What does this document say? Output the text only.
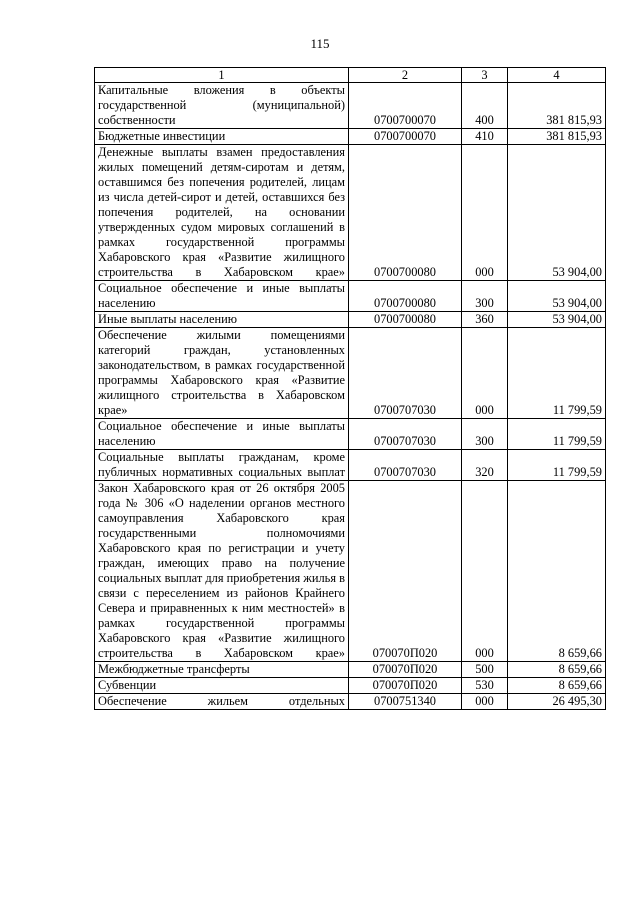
115
1	2	3	4
Капитальные вложения в объекты государственной (муниципальной) собственности	0700700070	400	381 815,93
Бюджетные инвестиции	0700700070	410	381 815,93
Денежные выплаты взамен предоставления жилых помещений детям-сиротам и детям, оставшимся без попечения родителей, лицам из числа детей-сирот и детей, оставшихся без попечения родителей, на основании утвержденных судом мировых соглашений в рамках государственной программы Хабаровского края «Развитие жилищного строительства в Хабаровском крае»	0700700080	000	53 904,00
Социальное обеспечение и иные выплаты населению	0700700080	300	53 904,00
Иные выплаты населению	0700700080	360	53 904,00
Обеспечение жилыми помещениями категорий граждан, установленных законодательством, в рамках государственной программы Хабаровского края «Развитие жилищного строительства в Хабаровском крае»	0700707030	000	11 799,59
Социальное обеспечение и иные выплаты населению	0700707030	300	11 799,59
Социальные выплаты гражданам, кроме публичных нормативных социальных выплат	0700707030	320	11 799,59
Закон Хабаровского края от 26 октября 2005 года № 306 «О наделении органов местного самоуправления Хабаровского края государственными полномочиями Хабаровского края по регистрации и учету граждан, имеющих право на получение социальных выплат для приобретения жилья в связи с переселением из районов Крайнего Севера и приравненных к ним местностей» в рамках государственной программы Хабаровского края «Развитие жилищного строительства в Хабаровском крае»	070070П020	000	8 659,66
Межбюджетные трансферты	070070П020	500	8 659,66
Субвенции	070070П020	530	8 659,66
Обеспечение жильем отдельных	0700751340	000	26 495,30
